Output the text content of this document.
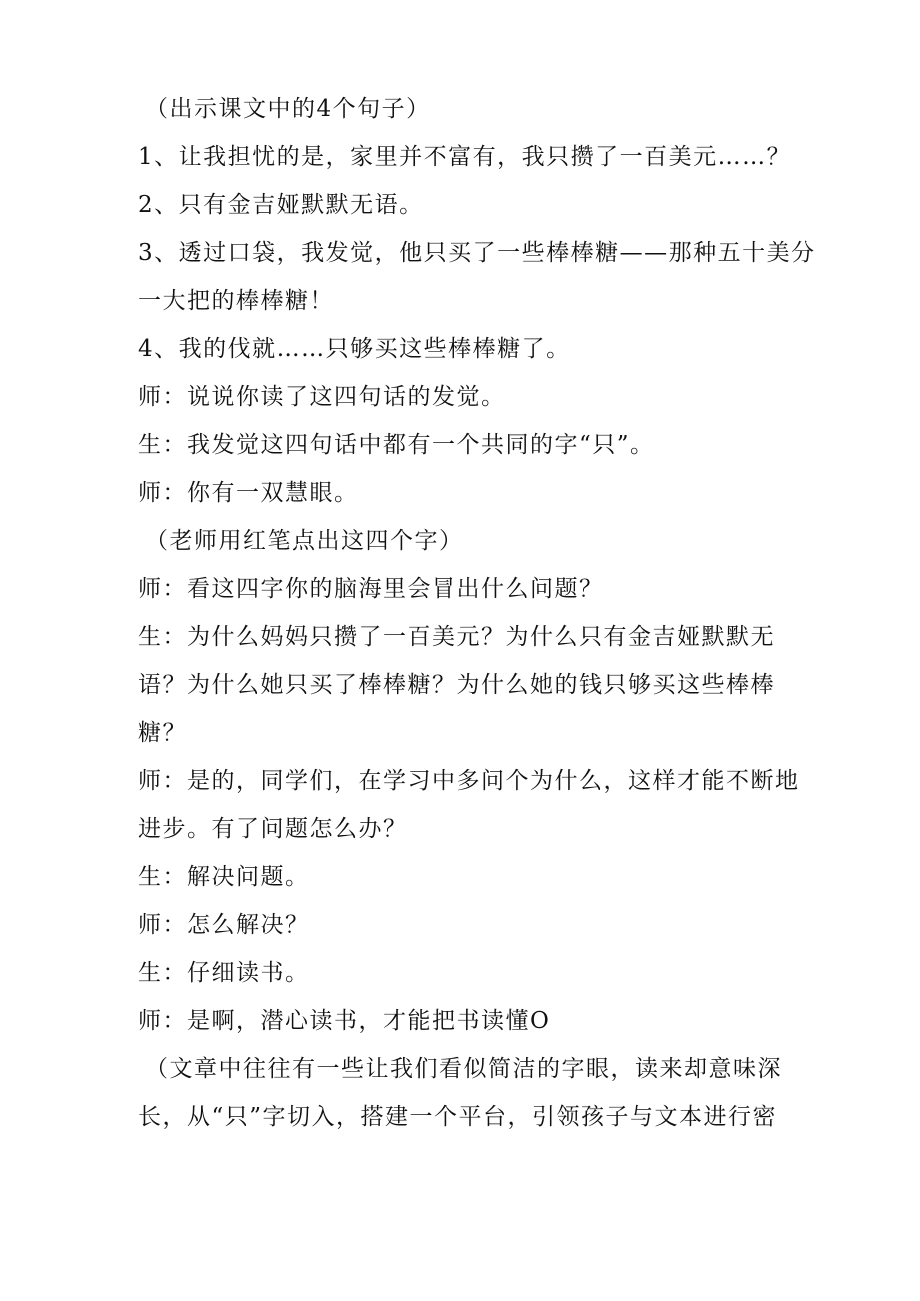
（出示课文中的4个句子）
1、让我担忧的是，家里并不富有，我只攒了一百美元……？
2、只有金吉娅默默无语。
3、透过口袋，我发觉，他只买了一些棒棒糖——那种五十美分
一大把的棒棒糖！
4、我的伐就……只够买这些棒棒糖了。
师：说说你读了这四句话的发觉。
生：我发觉这四句话中都有一个共同的字“只”。
师：你有一双慧眼。
（老师用红笔点出这四个字）
师：看这四字你的脑海里会冒出什么问题？
生：为什么妈妈只攒了一百美元？为什么只有金吉娅默默无
语？为什么她只买了棒棒糖？为什么她的钱只够买这些棒棒
糖？
师：是的，同学们，在学习中多问个为什么，这样才能不断地
进步。有了问题怎么办？
生：解决问题。
师：怎么解决？
生：仔细读书。
师：是啊，潜心读书，才能把书读懂O
（文章中往往有一些让我们看似简洁的字眼，读来却意味深
长，从“只”字切入，搭建一个平台，引领孩子与文本进行密
